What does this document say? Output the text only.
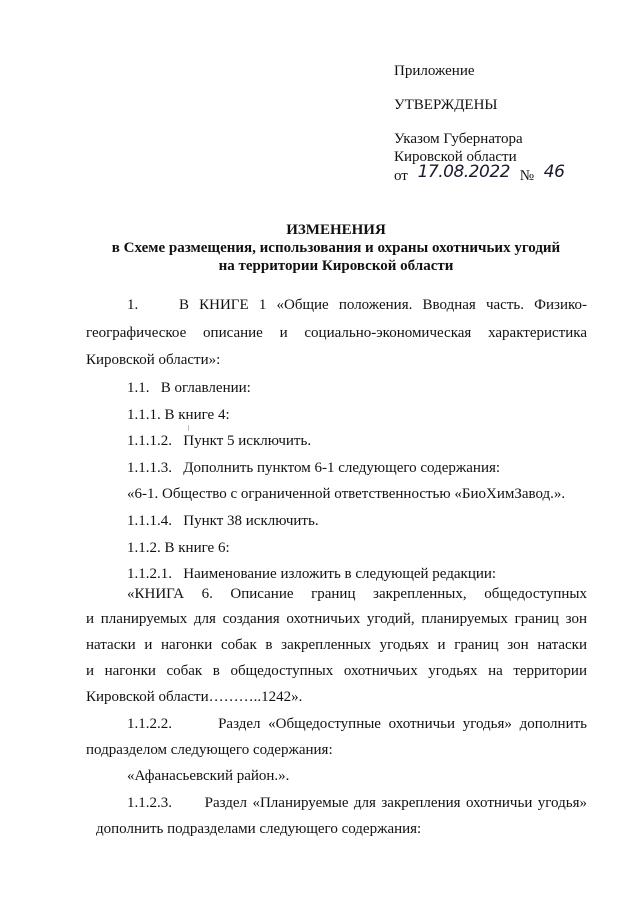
Приложение
УТВЕРЖДЕНЫ
Указом Губернатора
Кировской области
от 17.08.2022 № 46
ИЗМЕНЕНИЯ
в Схеме размещения, использования и охраны охотничьих угодий
на территории Кировской области
1.    В КНИГЕ 1 «Общие положения. Вводная часть. Физико-
географическое описание и социально-экономическая характеристика
Кировской области»:
1.1.   В оглавлении:
1.1.1. В книге 4:
1.1.1.2.   Пункт 5 исключить.
1.1.1.3.   Дополнить пунктом 6-1 следующего содержания:
«6-1. Общество с ограниченной ответственностью «БиоХимЗавод.».
1.1.1.4.   Пункт 38 исключить.
1.1.2. В книге 6:
1.1.2.1.   Наименование изложить в следующей редакции:
«КНИГА 6. Описание границ закрепленных, общедоступных
и планируемых для создания охотничьих угодий, планируемых границ зон
натаски и нагонки собак в закрепленных угодьях и границ зон натаски
и нагонки собак в общедоступных охотничьих угодьях на территории
Кировской области………..1242».
1.1.2.2.      Раздел «Общедоступные охотничьи угодья» дополнить
подразделом следующего содержания:
«Афанасьевский район.».
1.1.2.3.      Раздел «Планируемые для закрепления охотничьи угодья»
дополнить подразделами следующего содержания:
